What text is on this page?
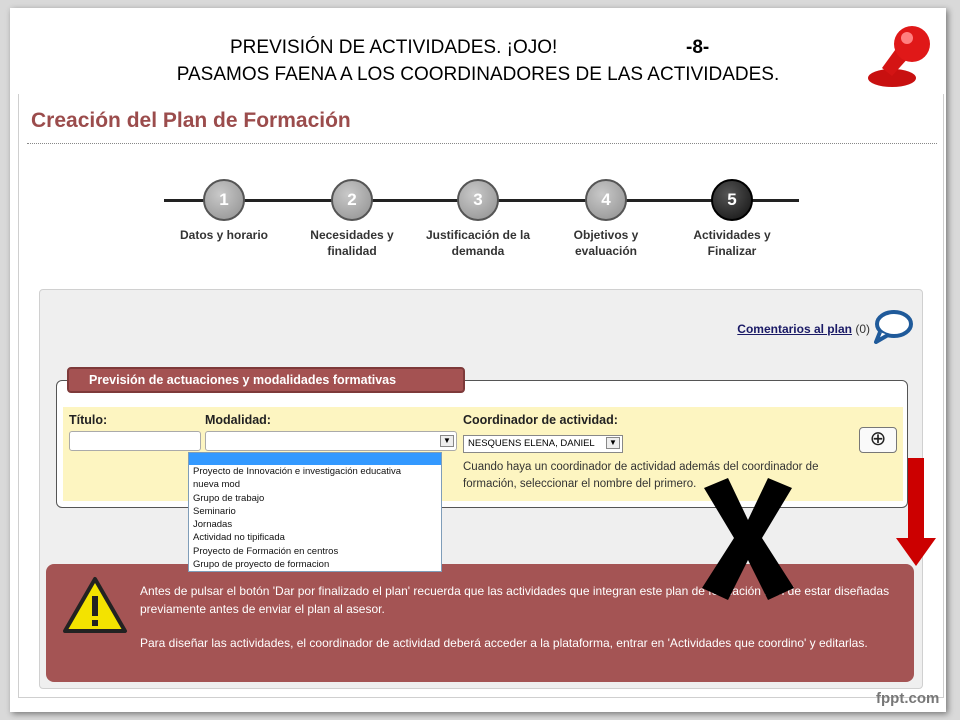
Creación del Plan de Formación
1
Datos y horario
2
Necesidades y
finalidad
3
Justificación de la
demanda
4
Objetivos y
evaluación
5
Actividades y
Finalizar
Comentarios al plan (0)
Previsión de actuaciones y modalidades formativas
Título:	Modalidad:
▼
Coordinador de actividad:
NESQUENS ELENA, DANIEL	▼
Cuando haya un coordinador de actividad además del coordinador de formación, seleccionar el nombre del primero.
⊕
Proyecto de Innovación e investigación educativa
nueva mod
Grupo de trabajo
Seminario
Jornadas
Actividad no tipificada
Proyecto de Formación en centros
Grupo de proyecto de formacion

Antes de pulsar el botón 'Dar por finalizado el plan' recuerda que las actividades que integran este plan de formación han de estar diseñadas previamente antes de enviar el plan al asesor.

Para diseñar las actividades, el coordinador de actividad deberá acceder a la plataforma, entrar en 'Actividades que coordino' y editarlas.

PREVISIÓN DE ACTIVIDADES. ¡OJO!	-8-
PASAMOS FAENA A LOS COORDINADORES DE LAS ACTIVIDADES.
fppt.com
